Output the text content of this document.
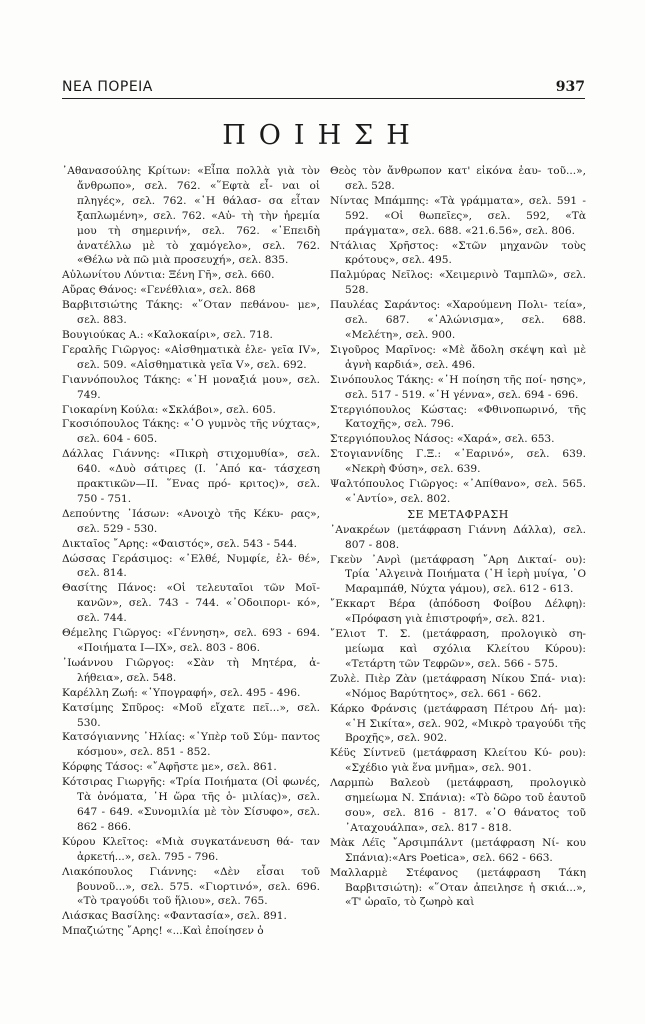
ΝΕΑ ΠΟΡΕΙΑ	937
ΠΟΙΗΣΗ

᾿Αθανασούλης Κρίτων: «Εἶπα πολλὰ γιὰ τὸν ἄνθρωπο», σελ. 762. «῞Εφτὰ εἶ- ναι οἱ πληγές», σελ. 762. «῾Η θάλασ- σα εἶταν ξαπλωμένη», σελ. 762. «Αὐ- τὴ τὴν ἠρεμία μου τὴ σημερινή», σελ. 762. «᾿Επειδὴ ἀνατέλλω μὲ τὸ χαμόγελο», σελ. 762. «Θέλω νὰ πῶ μιὰ προσευχή», σελ. 835.

Αὐλωνίτου Λύντια: Ξένη Γῆ», σελ. 660.

Αὔρας Θάνος: «Γενέθλια», σελ. 868

Βαρβιτσιώτης Τάκης: «῞Οταν πεθάνου- με», σελ. 883.

Βουγιούκας Α.: «Καλοκαίρι», σελ. 718.

Γεραλῆς Γιῶργος: «Αἰσθηματικὰ ἐλε- γεῖα IV», σελ. 509. «Αἰσθηματικὰ γεῖα V», σελ. 692.

Γιαννόπουλος Τάκης: «῾Η μοναξιά μου», σελ. 749.

Γιοκαρίνη Κούλα: «Σκλάβοι», σελ. 605.

Γκοσιόπουλος Τάκης: «῾Ο γυμνὸς τῆς νύχτας», σελ. 604 - 605.

Δάλλας Γιάννης: «Πικρὴ στιχομυθία», σελ. 640. «Δυὸ σάτιρες (I. ᾿Από κα- τάσχεση πρακτικῶν—II. ῞Ενας πρό- κριτος)», σελ. 750 - 751.

Δεπούντης ᾿Ιάσων: «Ανοιχὸ τῆς Κέκυ- ρας», σελ. 529 - 530.

Δικταῖος ῎Αρης: «Φαιστός», σελ. 543 - 544.

Δώσσας Γεράσιμος: «᾿Ελθέ, Νυμφίε, ἐλ- θέ», σελ. 814.

Θασίτης Πάνος: «Οἱ τελευταῖοι τῶν Μοϊ- κανῶν», σελ. 743 - 744. «᾿Οδοιπορι- κό», σελ. 744.

Θέμελης Γιῶργος: «Γέννηση», σελ. 693 - 694. «Ποιήματα I—IX», σελ. 803 - 806.

᾿Ιωάννου Γιῶργος: «Σὰν τὴ Μητέρα, ἀ- λήθεια», σελ. 548.

Καρέλλη Ζωή: «῾Υπογραφή», σελ. 495 - 496.

Κατσίμης Σπῦρος: «Μοῦ εἴχατε πεῖ...», σελ. 530.

Κατσόγιαννης ᾿Ηλίας: «῾Υπὲρ τοῦ Σύμ- παντος κόσμου», σελ. 851 - 852.

Κόρφης Τάσος: «῎Αφῆστε με», σελ. 861.

Κότσιρας Γιωργῆς: «Τρία Ποιήματα (Οἱ φωνές, Τὰ ὀνόματα, ῾Η ὥρα τῆς ὁ- μιλίας)», σελ. 647 - 649. «Συνομιλία μὲ τὸν Σίσυφο», σελ. 862 - 866.

Κύρου Κλεῖτος: «Μιὰ συγκατάνευση θά- ταν ἀρκετή...», σελ. 795 - 796.

Λιακόπουλος Γιάννης: «Δὲν εἶσαι τοῦ βουνοῦ...», σελ. 575. «Γιορτινό», σελ. 696. «Τὸ τραγούδι τοῦ ἥλιου», σελ. 765.

Λιάσκας Βασίλης: «Φαντασία», σελ. 891.

Μπαζιώτης ῎Αρης! «...Καὶ ἐποίησεν ὁ

Θεὸς τὸν ἄνθρωπον κατ' εἰκόνα ἑαυ- τοῦ...», σελ. 528.

Νίντας Μπάμπης: «Τὰ γράμματα», σελ. 591 - 592. «Οἱ θωπεῖες», σελ. 592, «Τὰ πράγματα», σελ. 688. «21.6.56», σελ. 806.

Ντάλιας Χρῆστος: «Στῶν μηχανῶν τοὺς κρότους», σελ. 495.

Παλμύρας Νεῖλος: «Χειμερινὸ Ταμπλῶ», σελ. 528.

Παυλέας Σαράντος: «Χαρούμενη Πολι- τεία», σελ. 687. «᾿Αλώνισμα», σελ. 688. «Μελέτη», σελ. 900.

Σιγοῦρος Μαρῖνος: «Μὲ ἄδολη σκέψη καὶ μὲ ἁγνὴ καρδιά», σελ. 496.

Σινόπουλος Τάκης: «῾Η ποίηση τῆς ποί- ησης», σελ. 517 - 519. «῾Η γέννα», σελ. 694 - 696.

Στεργιόπουλος Κώστας: «Φθινοπωρινό, τῆς Κατοχῆς», σελ. 796.

Στεργιόπουλος Νάσος: «Χαρά», σελ. 653.

Στογιαννίδης Γ.Ξ.: «᾿Εαρινό», σελ. 639. «Νεκρὴ Φύση», σελ. 639.

Ψαλτόπουλος Γιῶργος: «᾿Απίθανο», σελ. 565. «᾿Αντίο», σελ. 802.

ΣΕ ΜΕΤΑΦΡΑΣΗ

᾿Ανακρέων (μετάφραση Γιάννη Δάλλα), σελ. 807 - 808.

Γκεὺν ᾿Ανρὶ (μετάφραση ῎Αρη Δικταί- ου): Τρία ᾿Αλγεινὰ Ποιήματα (῾Η ἱερὴ μυίγα, ῾Ο Μαραμπάθ, Νύχτα γάμου), σελ. 612 - 613.

῎Εκκαρτ Βέρα (ἀπόδοση Φοίβου Δέλφη): «Πρόφαση γιὰ ἐπιστροφή», σελ. 821.

῎Ελιοτ Τ. Σ. (μετάφραση, προλογικὸ ση- μείωμα καὶ σχόλια Κλείτου Κύρου): «Τετάρτη τῶν Τεφρῶν», σελ. 566 - 575.

Ζυλὲ. Πιὲρ Ζὰν (μετάφραση Νίκου Σπά- νια): «Νόμος Βαρύτητος», σελ. 661 - 662.

Κάρκο Φράνσις (μετάφραση Πέτρου Δή- μα): «῾Η Σικίτα», σελ. 902, «Μικρὸ τραγούδι τῆς Βροχῆς», σελ. 902.

Κέϋς Σίντνεϋ (μετάφραση Κλείτου Κύ- ρου): «Σχέδιο γιὰ ἕνα μνῆμα», σελ. 901.

Λαρμπὼ Βαλεοὺ (μετάφραση, προλογικὸ σημείωμα Ν. Σπάνια): «Τὸ δῶρο τοῦ ἑαυτοῦ σου», σελ. 816 - 817. «῾Ο θάνατος τοῦ ᾿Αταχουάλπα», σελ. 817 - 818.

Μὰκ Λέϊς ῎Αρσιμπάλντ (μετάφραση Νί- κου Σπάνια):«Ars Poetica», σελ. 662 - 663.

Μαλλαρμὲ Στέφανος (μετάφραση Τάκη Βαρβιτσιώτη): «῞Οταν ἀπειλησε ἡ σκιά...», «Τ' ὡραῖο, τὸ ζωηρὸ καὶ
